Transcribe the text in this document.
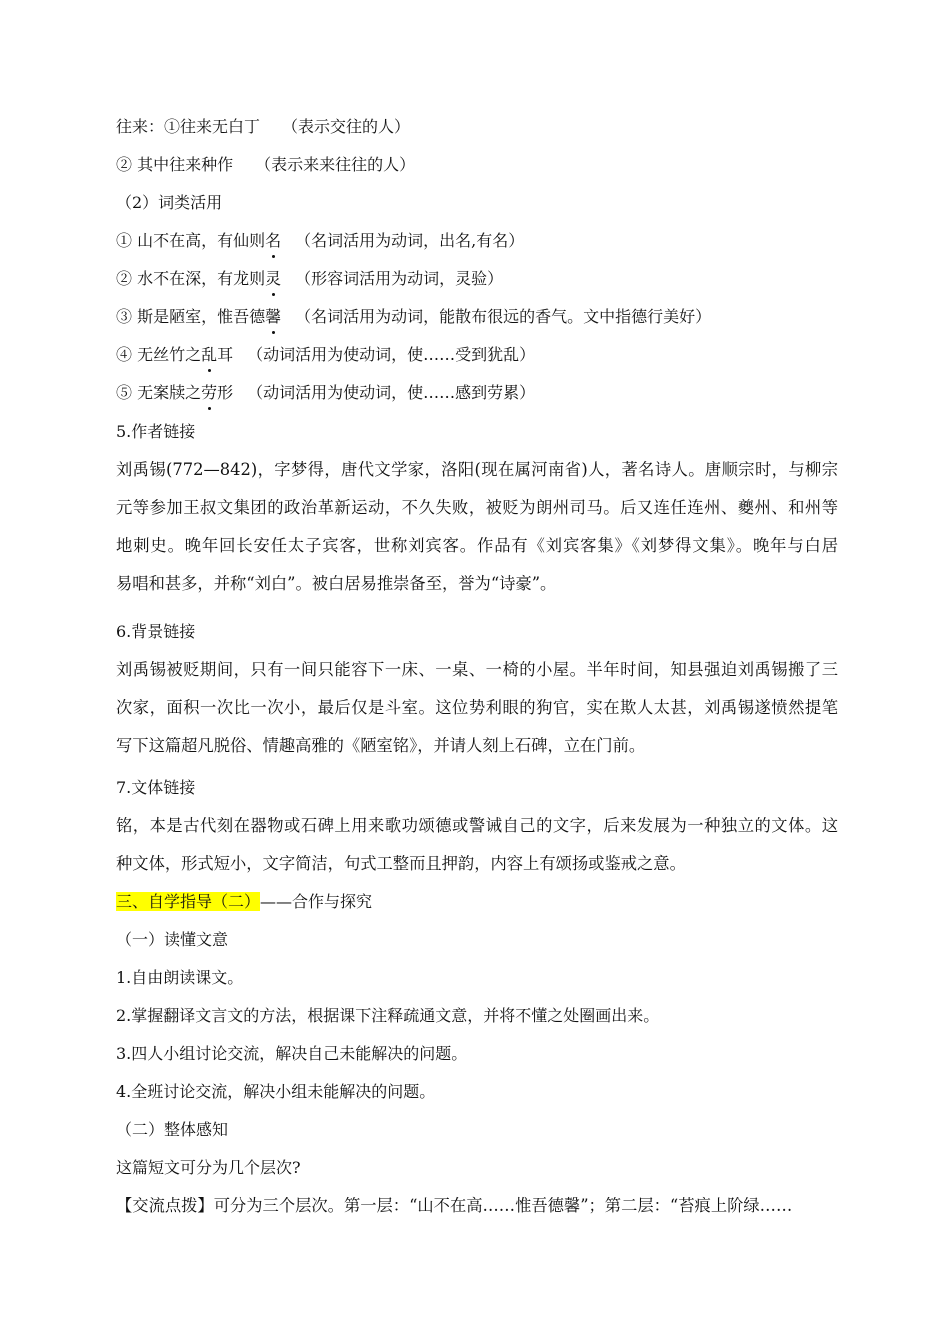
往来：①往来无白丁 （表示交往的人）
② 其中往来种作 （表示来来往往的人）
（2）词类活用
① 山不在高，有仙则名 （名词活用为动词，出名,有名）
② 水不在深，有龙则灵 （形容词活用为动词，灵验）
③ 斯是陋室，惟吾德馨 （名词活用为动词，能散布很远的香气。文中指德行美好）
④ 无丝竹之乱耳 （动词活用为使动词，使……受到犹乱）
⑤ 无案牍之劳形 （动词活用为使动词，使……感到劳累）
5.作者链接
刘禹锡(772—842)，字梦得，唐代文学家，洛阳(现在属河南省)人，著名诗人。唐顺宗时，与柳宗
元等参加王叔文集团的政治革新运动，不久失败，被贬为朗州司马。后又连任连州、夔州、和州等
地刺史。晚年回长安任太子宾客，世称刘宾客。作品有《刘宾客集》《刘梦得文集》。晚年与白居
易唱和甚多，并称“刘白”。被白居易推崇备至，誉为“诗豪”。
6.背景链接
刘禹锡被贬期间，只有一间只能容下一床、一桌、一椅的小屋。半年时间，知县强迫刘禹锡搬了三
次家，面积一次比一次小，最后仅是斗室。这位势利眼的狗官，实在欺人太甚，刘禹锡遂愤然提笔
写下这篇超凡脱俗、情趣高雅的《陋室铭》，并请人刻上石碑，立在门前。
7.文体链接
铭，本是古代刻在器物或石碑上用来歌功颂德或警诫自己的文字，后来发展为一种独立的文体。这
种文体，形式短小，文字简洁，句式工整而且押韵，内容上有颂扬或鉴戒之意。
三、自学指导（二）——合作与探究
（一）读懂文意
1.自由朗读课文。
2.掌握翻译文言文的方法，根据课下注释疏通文意，并将不懂之处圈画出来。
3.四人小组讨论交流，解决自己未能解决的问题。
4.全班讨论交流，解决小组未能解决的问题。
（二）整体感知
这篇短文可分为几个层次?
【交流点拨】可分为三个层次。第一层：“山不在高……惟吾德馨”；第二层：“苔痕上阶绿……
